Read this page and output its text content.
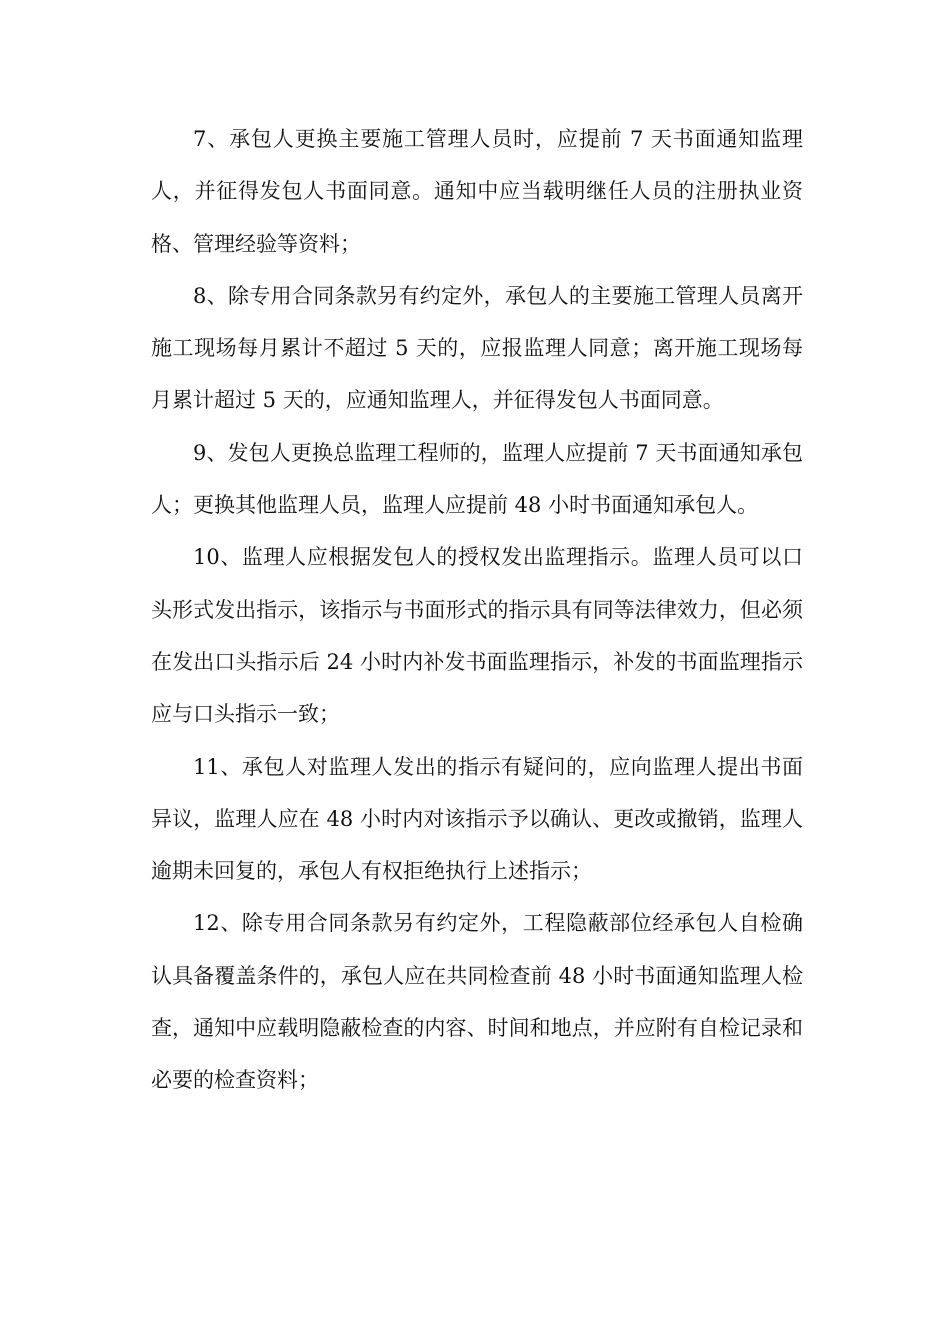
7、承包人更换主要施工管理人员时，应提前 7 天书面通知监理人，并征得发包人书面同意。通知中应当载明继任人员的注册执业资格、管理经验等资料；

8、除专用合同条款另有约定外，承包人的主要施工管理人员离开施工现场每月累计不超过 5 天的，应报监理人同意；离开施工现场每月累计超过 5 天的，应通知监理人，并征得发包人书面同意。

9、发包人更换总监理工程师的，监理人应提前 7 天书面通知承包人；更换其他监理人员，监理人应提前 48 小时书面通知承包人。

10、监理人应根据发包人的授权发出监理指示。监理人员可以口头形式发出指示，该指示与书面形式的指示具有同等法律效力，但必须在发出口头指示后 24 小时内补发书面监理指示，补发的书面监理指示应与口头指示一致；

11、承包人对监理人发出的指示有疑问的，应向监理人提出书面异议，监理人应在 48 小时内对该指示予以确认、更改或撤销，监理人逾期未回复的，承包人有权拒绝执行上述指示；

12、除专用合同条款另有约定外，工程隐蔽部位经承包人自检确认具备覆盖条件的，承包人应在共同检查前 48 小时书面通知监理人检查，通知中应载明隐蔽检查的内容、时间和地点，并应附有自检记录和必要的检查资料；
